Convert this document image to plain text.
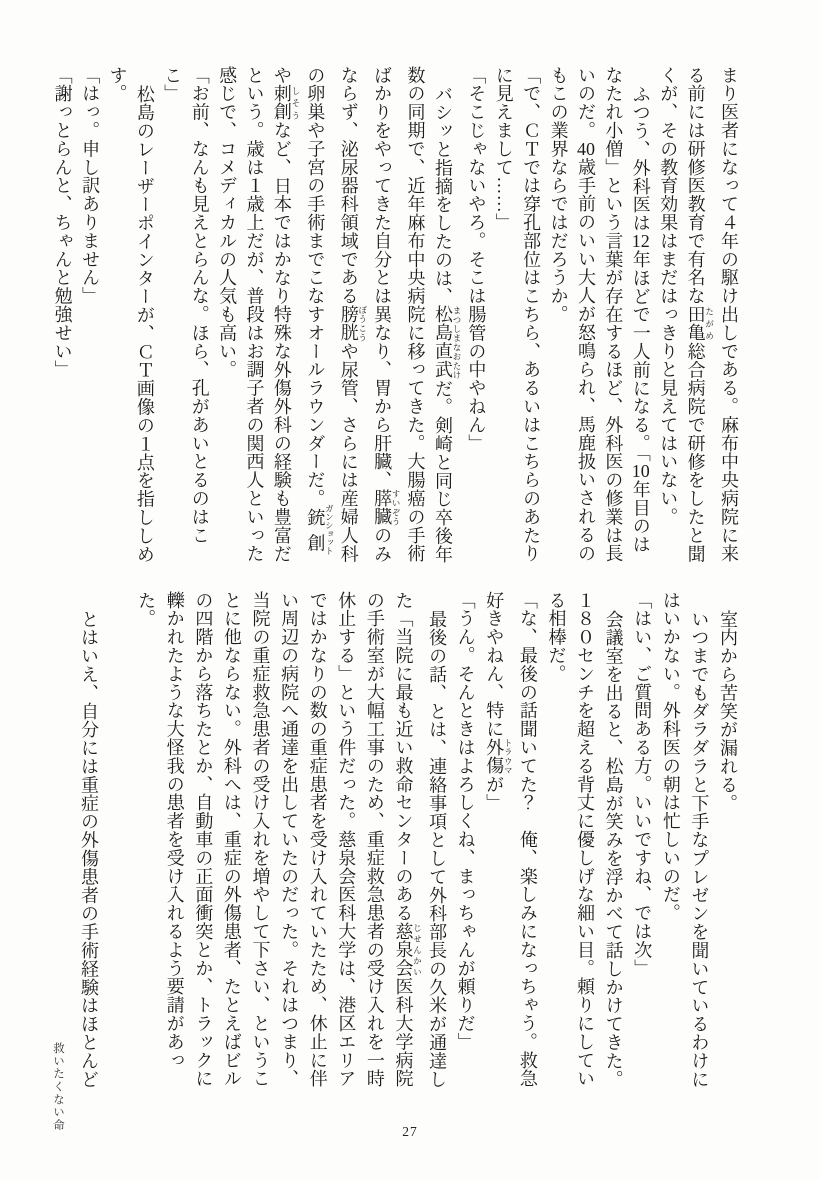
まり医者になって４年の駆け出しである。麻布中央病院に来
る前には研修医教育で有名な田亀 たがめ総合病院で研修をしたと聞
くが、その教育効果はまだはっきりと見えてはいない。
ふつう、外科医は12年ほどで一人前になる。「10年目のは
なたれ小僧」という言葉が存在するほど、外科医の修業は長
いのだ。40歳手前のいい大人が怒鳴られ、馬鹿扱いされるの
もこの業界ならではだろうか。
「で、ＣＴでは穿孔部位はこちら、あるいはこちらのあたり
に見えまして……」
「そこじゃないやろ。そこは腸管の中やねん」
バシッと指摘をしたのは、松島直武 まつしまなおたけだ。剣崎と同じ卒後年
数の同期で、近年麻布中央病院に移ってきた。大腸癌の手術
ばかりをやってきた自分とは異なり、胃から肝臓、膵臓 すいぞうのみ
ならず、泌尿器科領域である膀胱 ぼうこうや尿管、さらには産婦人科
の卵巣や子宮の手術までこなすオールラウンダーだ。銃創 ガンショット
や刺創 しそうなど、日本ではかなり特殊な外傷外科の経験も豊富だ
という。歳は１歳上だが、普段はお調子者の関西人といった
感じで、コメディカルの人気も高い。
「お前、なんも見えとらんな。ほら、孔があいとるのはこ
こ」
松島のレーザーポインターが、ＣＴ画像の１点を指ししめ
す。
「はっ。申し訳ありません」
「謝っとらんと、ちゃんと勉強せい」
室内から苦笑が漏れる。
いつまでもダラダラと下手なプレゼンを聞いているわけに
はいかない。外科医の朝は忙しいのだ。
「はい、ご質問ある方。いいですね、では次」
会議室を出ると、松島が笑みを浮かべて話しかけてきた。
１８０センチを超える背丈に優しげな細い目。頼りにしてい
る相棒だ。
「な、最後の話聞いてた？　俺、楽しみになっちゃう。救急
好きやねん、特に外傷 トラウマが」
「うん。そんときはよろしくね、まっちゃんが頼りだ」
最後の話、とは、連絡事項として外科部長の久米が通達し
た「当院に最も近い救命センターのある慈泉会 じせんかい医科大学病院
の手術室が大幅工事のため、重症救急患者の受け入れを一時
休止する」という件だった。慈泉会医科大学は、港区エリア
ではかなりの数の重症患者を受け入れていたため、休止に伴
い周辺の病院へ通達を出していたのだった。それはつまり、
当院の重症救急患者の受け入れを増やして下さい、というこ
とに他ならない。外科へは、重症の外傷患者、たとえばビル
の四階から落ちたとか、自動車の正面衝突とか、トラックに
轢かれたような大怪我の患者を受け入れるよう要請があっ
た。

とはいえ、自分には重症の外傷患者の手術経験はほとんど
救いたくない命	27
